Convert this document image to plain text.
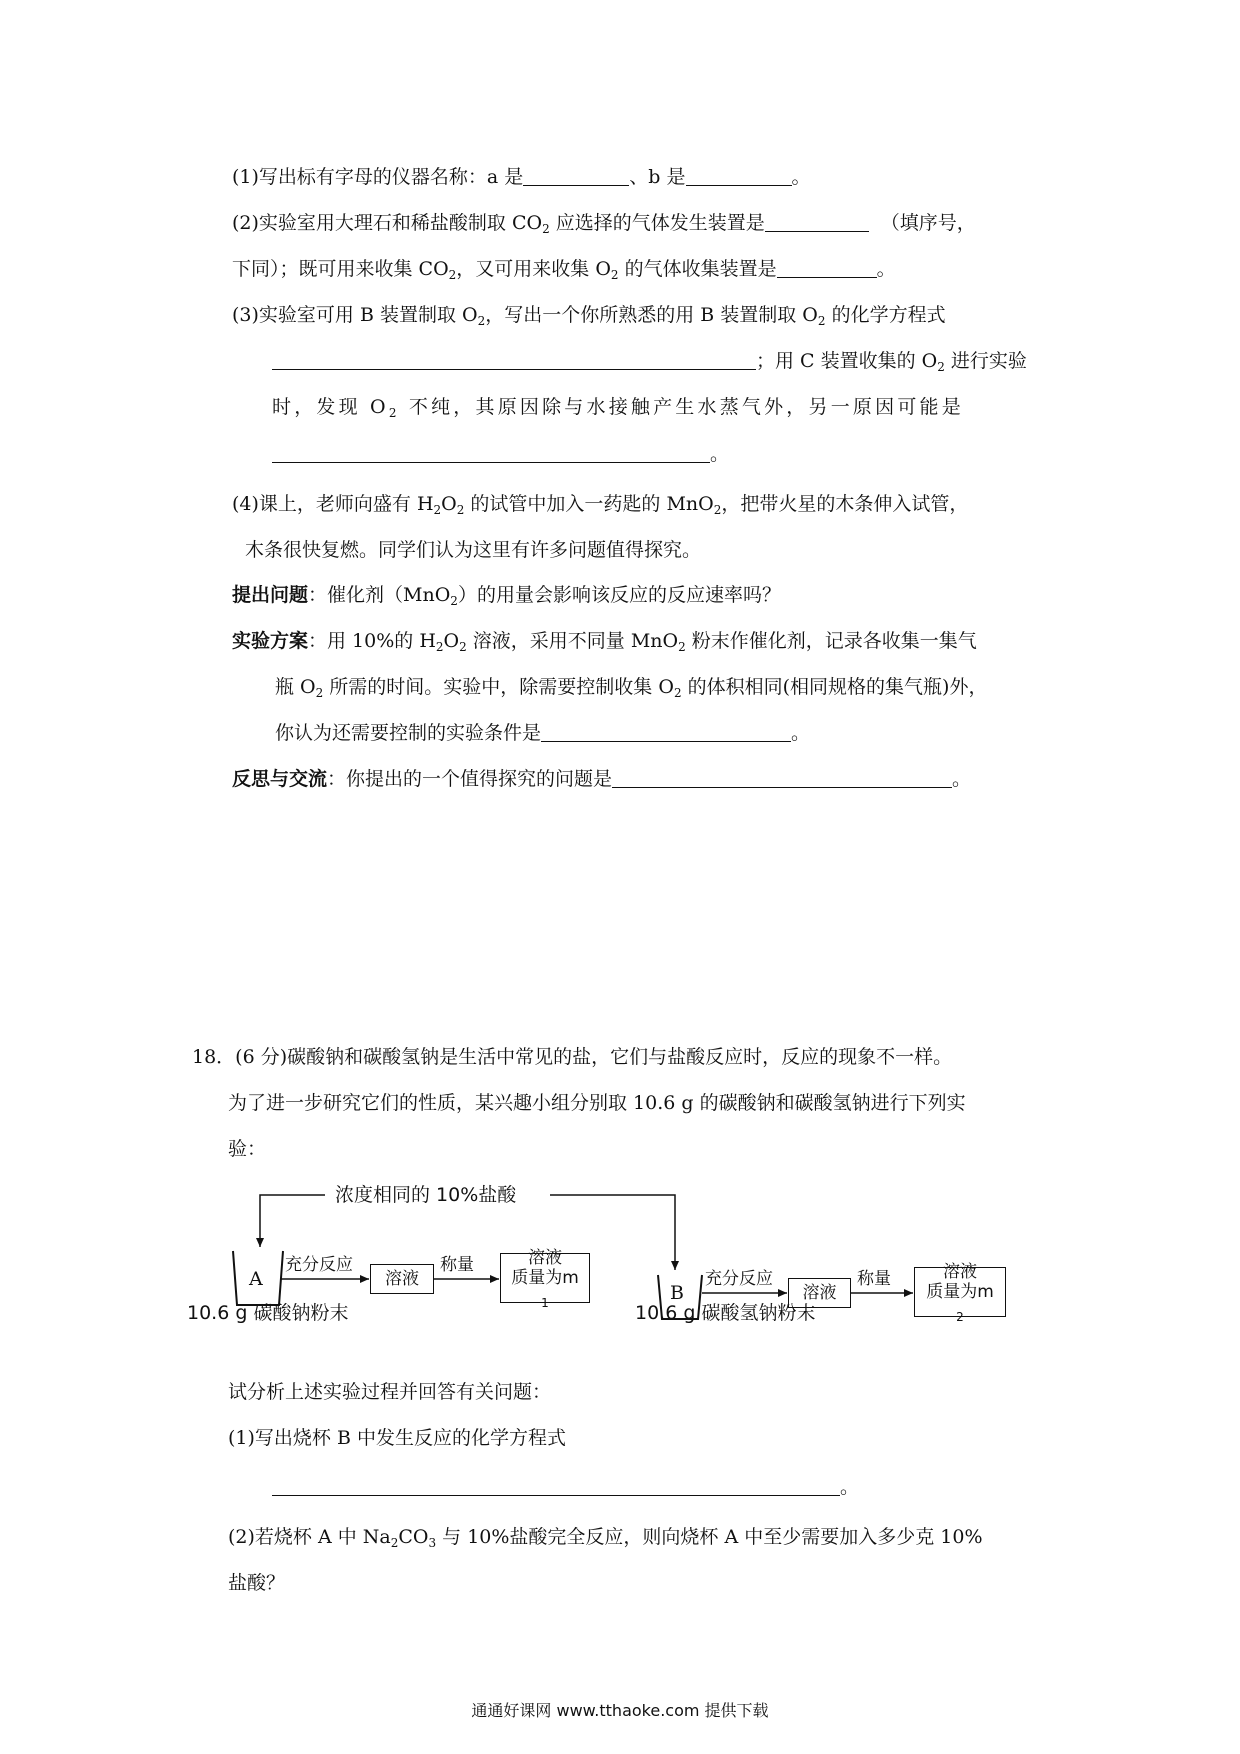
(1)写出标有字母的仪器名称：a 是	、b 是	。
(2)实验室用大理石和稀盐酸制取 $CO_2$ 应选择的气体发生装置是	（填序号，
下同）；既可用来收集 $CO_2$，又可用来收集 $O_2$ 的气体收集装置是	。
(3)实验室可用 B 装置制取 $O_2$，写出一个你所熟悉的用 B 装置制取 $O_2$ 的化学方程式
；用 C 装置收集的 $O_2$ 进行实验
时，发现 $O_2$ 不纯，其原因除与水接触产生水蒸气外，另一原因可能是
。
(4)课上，老师向盛有 $H_2O_2$ 的试管中加入一药匙的 MnO$_2$，把带火星的木条伸入试管，
木条很快复燃。同学们认为这里有许多问题值得探究。
提出问题：催化剂（MnO$_2$）的用量会影响该反应的反应速率吗？
实验方案：用 10%的 $H_2O_2$ 溶液，采用不同量 MnO$_2$ 粉末作催化剂，记录各收集一集气
瓶 $O_2$ 所需的时间。实验中，除需要控制收集 $O_2$ 的体积相同(相同规格的集气瓶)外，
你认为还需要控制的实验条件是	。
反思与交流：你提出的一个值得探究的问题是	。
18．(6 分)碳酸钠和碳酸氢钠是生活中常见的盐，它们与盐酸反应时，反应的现象不一样。
为了进一步研究它们的性质，某兴趣小组分别取 10.6 g 的碳酸钠和碳酸氢钠进行下列实
验：
浓度相同的 10%盐酸
A
充分反应
溶液
称量	溶液
质量为m
$_1$
10.6 g 碳酸钠粉末
B
充分反应
溶液
称量	溶液
质量为m
$_2$
10.6 g 碳酸氢钠粉末
试分析上述实验过程并回答有关问题：
(1)写出烧杯 B 中发生反应的化学方程式
。
(2)若烧杯 A 中 $Na_2CO_3$ 与 10%盐酸完全反应，则向烧杯 A 中至少需要加入多少克 10%
盐酸？
通通好课网 www.tthaoke.com 提供下载
